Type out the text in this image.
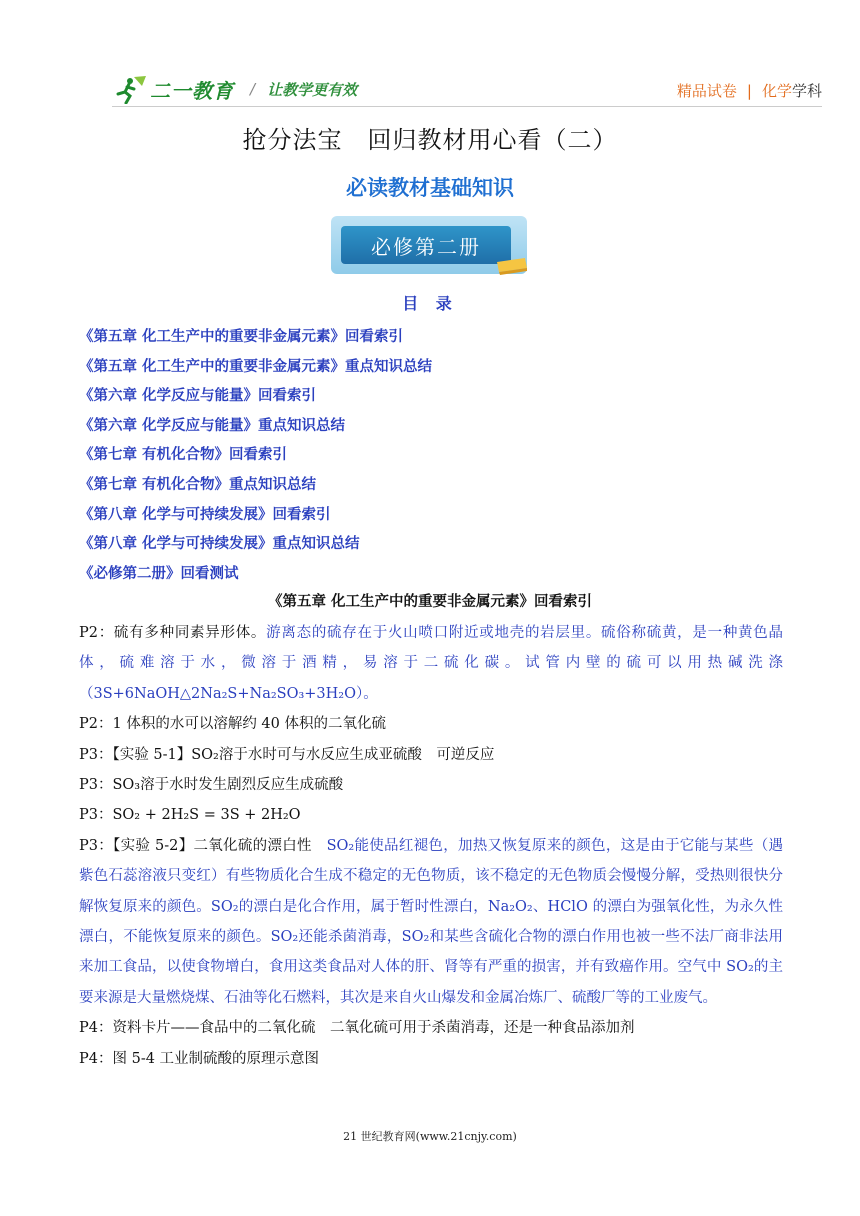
二一教育 / 让教学更有效	精品试卷 | 化学学科
抢分法宝　回归教材用心看（二）
必读教材基础知识
必修第二册
目 录
《第五章 化工生产中的重要非金属元素》回看索引
《第五章 化工生产中的重要非金属元素》重点知识总结
《第六章 化学反应与能量》回看索引
《第六章 化学反应与能量》重点知识总结
《第七章 有机化合物》回看索引
《第七章 有机化合物》重点知识总结
《第八章 化学与可持续发展》回看索引
《第八章 化学与可持续发展》重点知识总结
《必修第二册》回看测试
《第五章 化工生产中的重要非金属元素》回看索引

P2：硫有多种同素异形体。游离态的硫存在于火山喷口附近或地壳的岩层里。硫俗称硫黄，是一种黄色晶

体，硫难溶于水，微溶于酒精，易溶于二硫化碳。试管内壁的硫可以用热碱洗涤

（3S+6NaOH△2Na₂S+Na₂SO₃+3H₂O）。

P2：1 体积的水可以溶解约 40 体积的二氧化硫

P3：【实验 5-1】SO₂溶于水时可与水反应生成亚硫酸　可逆反应

P3：SO₃溶于水时发生剧烈反应生成硫酸

P3：SO₂ + 2H₂S = 3S + 2H₂O

P3：【实验 5-2】二氧化硫的漂白性　SO₂能使品红褪色，加热又恢复原来的颜色，这是由于它能与某些（遇紫色石蕊溶液只变红）有些物质化合生成不稳定的无色物质，该不稳定的无色物质会慢慢分解，受热则很快分解恢复原来的颜色。SO₂的漂白是化合作用，属于暂时性漂白，Na₂O₂、HClO 的漂白为强氧化性，为永久性漂白，不能恢复原来的颜色。SO₂还能杀菌消毒，SO₂和某些含硫化合物的漂白作用也被一些不法厂商非法用来加工食品，以使食物增白，食用这类食品对人体的肝、肾等有严重的损害，并有致癌作用。空气中 SO₂的主要来源是大量燃烧煤、石油等化石燃料，其次是来自火山爆发和金属冶炼厂、硫酸厂等的工业废气。

P4：资料卡片——食品中的二氧化硫　二氧化硫可用于杀菌消毒，还是一种食品添加剂

P4：图 5-4 工业制硫酸的原理示意图

21 世纪教育网(www.21cnjy.com)
